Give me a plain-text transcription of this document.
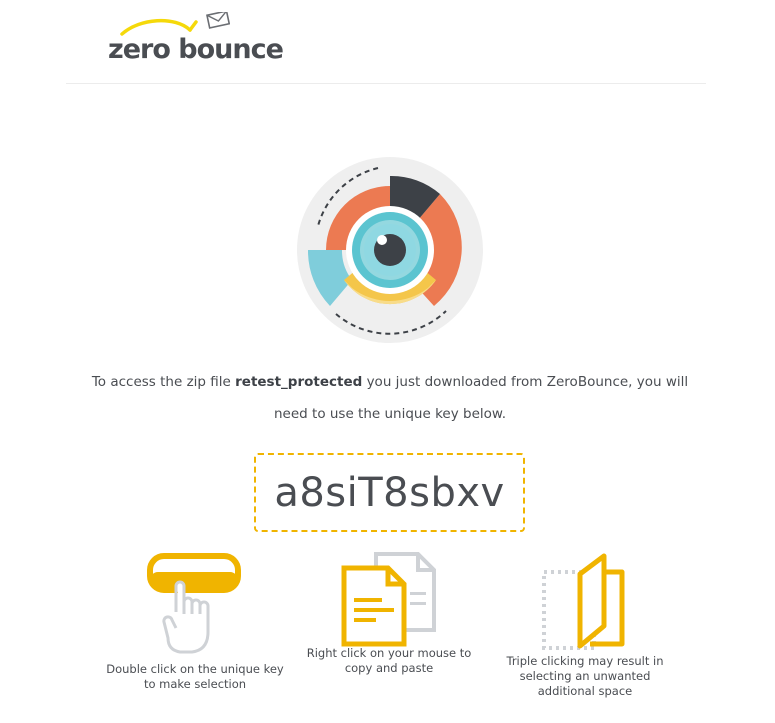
zero bounce
To access the zip file retest_protected you just downloaded from ZeroBounce, you will need to use the unique key below.
a8siT8sbxv
Double click on the unique key to make selection
Right click on your mouse to copy and paste	Triple clicking may result in selecting an unwanted additional space
